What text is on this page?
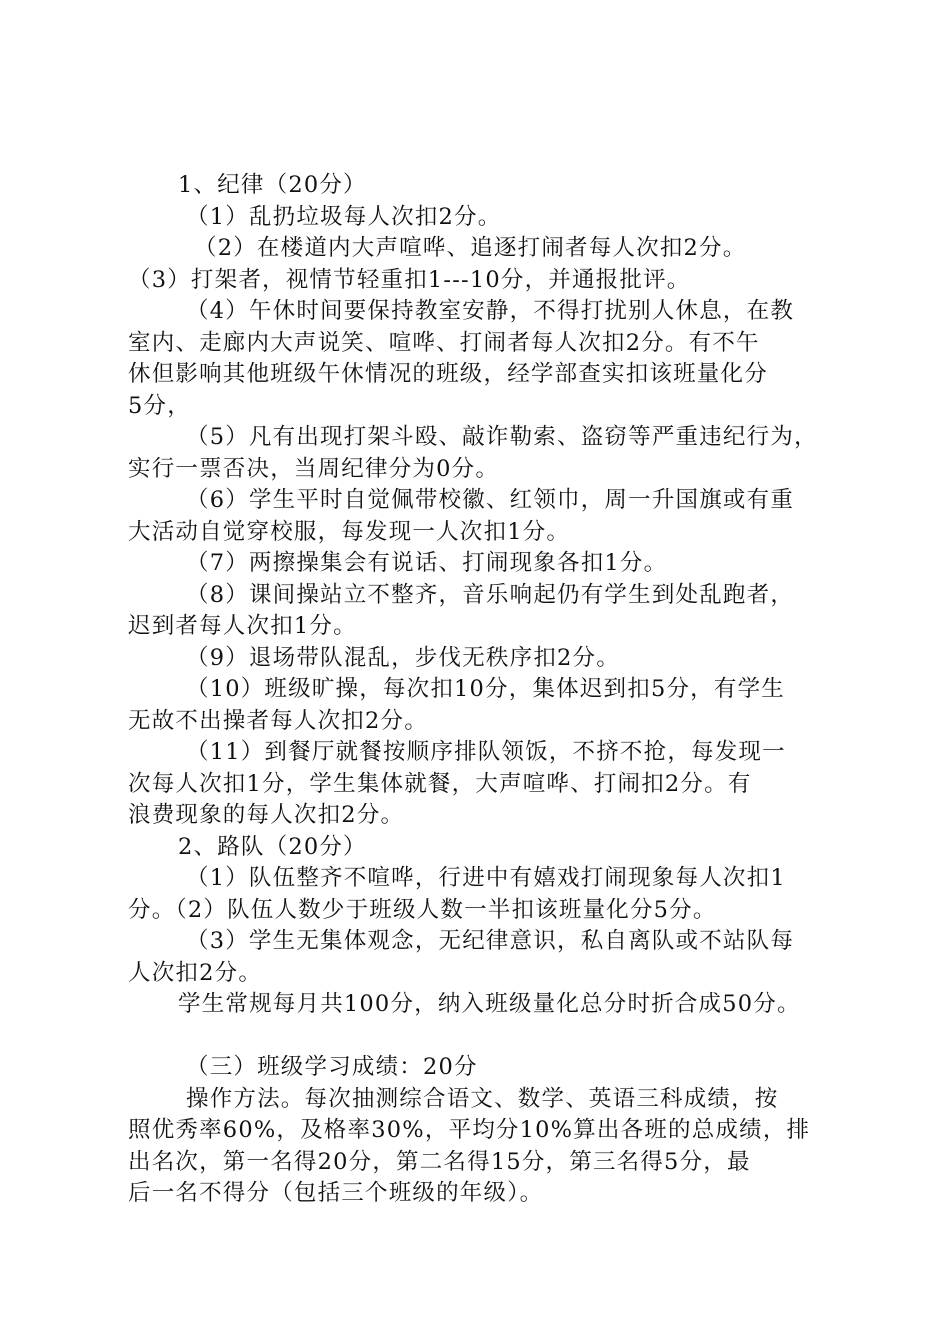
1、纪律（20分）
（1）乱扔垃圾每人次扣2分。
（2）在楼道内大声喧哗、追逐打闹者每人次扣2分。
（3）打架者，视情节轻重扣1---10分，并通报批评。
（4）午休时间要保持教室安静，不得打扰别人休息，在教
室内、走廊内大声说笑、喧哗、打闹者每人次扣2分。有不午
休但影响其他班级午休情况的班级，经学部查实扣该班量化分
5分，
（5）凡有出现打架斗殴、敲诈勒索、盗窃等严重违纪行为，
实行一票否决，当周纪律分为0分。
（6）学生平时自觉佩带校徽、红领巾，周一升国旗或有重
大活动自觉穿校服，每发现一人次扣1分。
（7）两擦操集会有说话、打闹现象各扣1分。
（8）课间操站立不整齐，音乐响起仍有学生到处乱跑者，
迟到者每人次扣1分。
（9）退场带队混乱，步伐无秩序扣2分。
（10）班级旷操，每次扣10分，集体迟到扣5分，有学生
无故不出操者每人次扣2分。
（11）到餐厅就餐按顺序排队领饭，不挤不抢，每发现一
次每人次扣1分，学生集体就餐，大声喧哗、打闹扣2分。有
浪费现象的每人次扣2分。
2、路队（20分）
（1）队伍整齐不喧哗，行进中有嬉戏打闹现象每人次扣1
分。（2）队伍人数少于班级人数一半扣该班量化分5分。
（3）学生无集体观念，无纪律意识，私自离队或不站队每
人次扣2分。
学生常规每月共100分，纳入班级量化总分时折合成50分。
（三）班级学习成绩：20分
操作方法。每次抽测综合语文、数学、英语三科成绩，按
照优秀率60%，及格率30%，平均分10%算出各班的总成绩，排
出名次，第一名得20分，第二名得15分，第三名得5分，最
后一名不得分（包括三个班级的年级）。
